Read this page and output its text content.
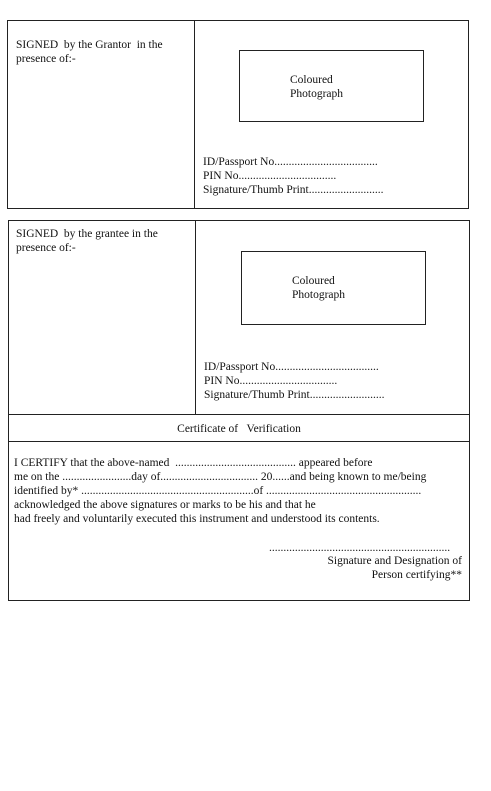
SIGNED  by the Grantor  in the
presence of:-
Coloured
Photograph
ID/Passport No....................................
PIN No..................................
Signature/Thumb Print..........................
SIGNED  by the grantee in the
presence of:-
Coloured
Photograph
ID/Passport No....................................
PIN No..................................
Signature/Thumb Print..........................
Certificate of   Verification
I CERTIFY that the above-named  .......................................... appeared before
me on the ........................day of.................................. 20......and being known to me/being
identified by* ............................................................of ......................................................
acknowledged the above signatures or marks to be his and that he
had freely and voluntarily executed this instrument and understood its contents.
...............................................................
Signature and Designation of
Person certifying**
